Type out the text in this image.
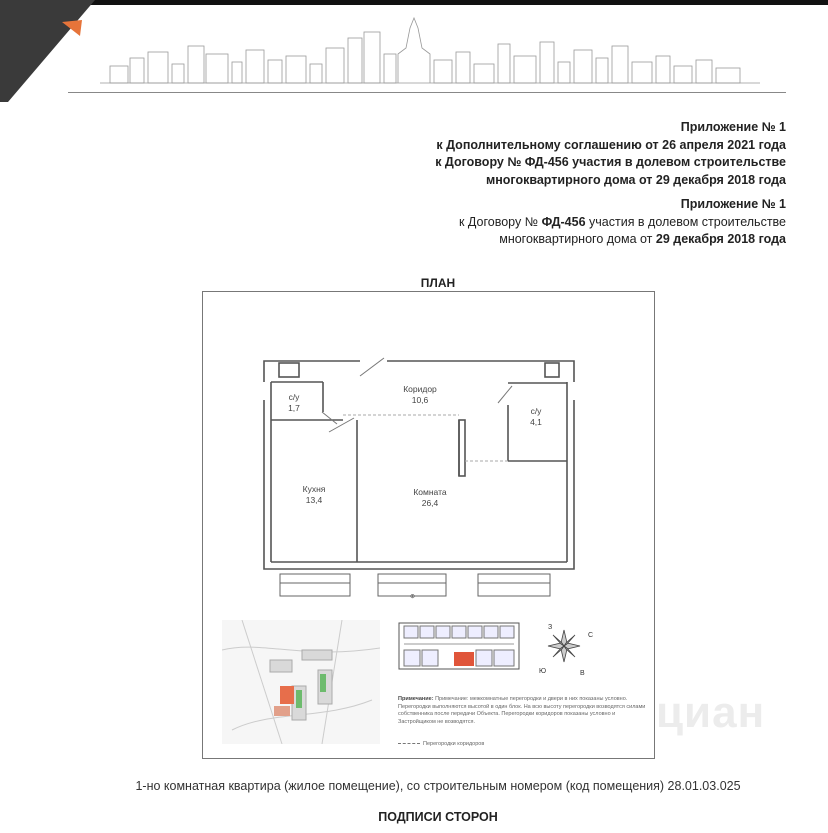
Приложение № 1
к Дополнительному соглашению от 26 апреля 2021 года
к Договору № ФД-456 участия в долевом строительстве
многоквартирного дома от 29 декабря 2018 года
Приложение № 1
к Договору № ФД-456 участия в долевом строительстве
многоквартирного дома от 29 декабря 2018 года
ПЛАН
⊕
с/у
1,7
Коридор
10,6
с/у
4,1
Кухня
13,4
Комната
26,4
З
С
Ю	В
циан
Примечание: Примечание: межкомнатные перегородки и двери в них показаны условно. Перегородки выполняются высотой в один блок. На всю высоту перегородки возводятся силами собственника после передачи Объекта. Перегородки коридоров показаны условно и Застройщиком не возводятся.
Перегородки коридоров
1-но комнатная квартира (жилое помещение), со строительным номером (код помещения) 28.01.03.025
ПОДПИСИ СТОРОН
